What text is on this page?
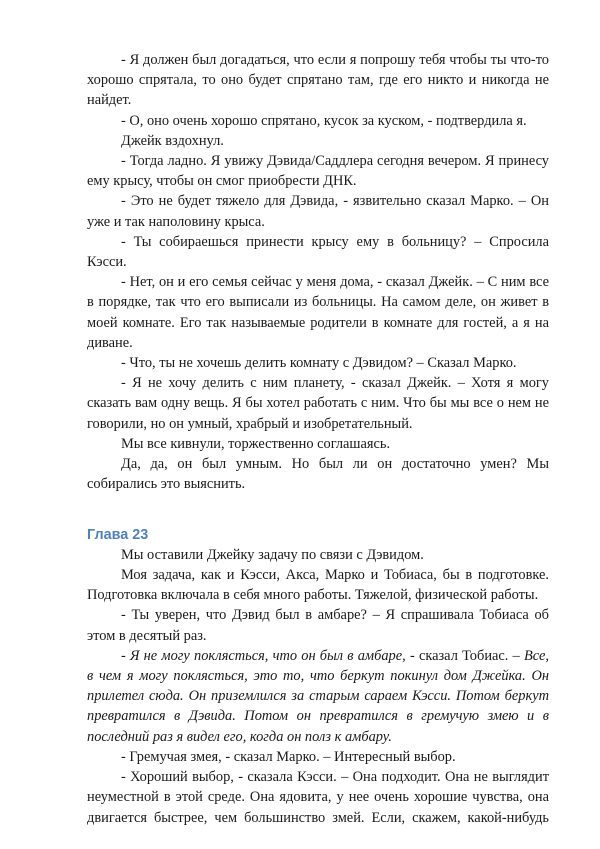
- Я должен был догадаться, что если я попрошу тебя чтобы ты что-то хорошо спрятала, то оно будет спрятано там, где его никто и никогда не найдет.

- О, оно очень хорошо спрятано, кусок за куском, - подтвердила я.

Джейк вздохнул.

- Тогда ладно. Я увижу Дэвида/Саддлера сегодня вечером. Я принесу ему крысу, чтобы он смог приобрести ДНК.

- Это не будет тяжело для Дэвида, - язвительно сказал Марко. – Он уже и так наполовину крыса.

- Ты собираешься принести крысу ему в больницу? – Спросила Кэсси.

- Нет, он и его семья сейчас у меня дома, - сказал Джейк. – С ним все в порядке, так что его выписали из больницы. На самом деле, он живет в моей комнате. Его так называемые родители в комнате для гостей, а я на диване.

- Что, ты не хочешь делить комнату с Дэвидом? – Сказал Марко.

- Я не хочу делить с ним планету, - сказал Джейк. – Хотя я могу сказать вам одну вещь. Я бы хотел работать с ним. Что бы мы все о нем не говорили, но он умный, храбрый и изобретательный.

Мы все кивнули, торжественно соглашаясь.

Да, да, он был умным. Но был ли он достаточно умен? Мы собирались это выяснить.

Глава 23

Мы оставили Джейку задачу по связи с Дэвидом.

Моя задача, как и Кэсси, Акса, Марко и Тобиаса, бы в подготовке. Подготовка включала в себя много работы. Тяжелой, физической работы.

- Ты уверен, что Дэвид был в амбаре? – Я спрашивала Тобиаса об этом в десятый раз.

- Я не могу поклясться, что он был в амбаре, - сказал Тобиас. – Все, в чем я могу поклясться, это то, что беркут покинул дом Джейка. Он прилетел сюда. Он приземлился за старым сараем Кэсси. Потом беркут превратился в Дэвида. Потом он превратился в гремучую змею и в последний раз я видел его, когда он полз к амбару.

- Гремучая змея, - сказал Марко. – Интересный выбор.

- Хороший выбор, - сказала Кэсси. – Она подходит. Она не выглядит неуместной в этой среде. Она ядовита, у нее очень хорошие чувства, она двигается быстрее, чем большинство змей. Если, скажем, какой-нибудь
